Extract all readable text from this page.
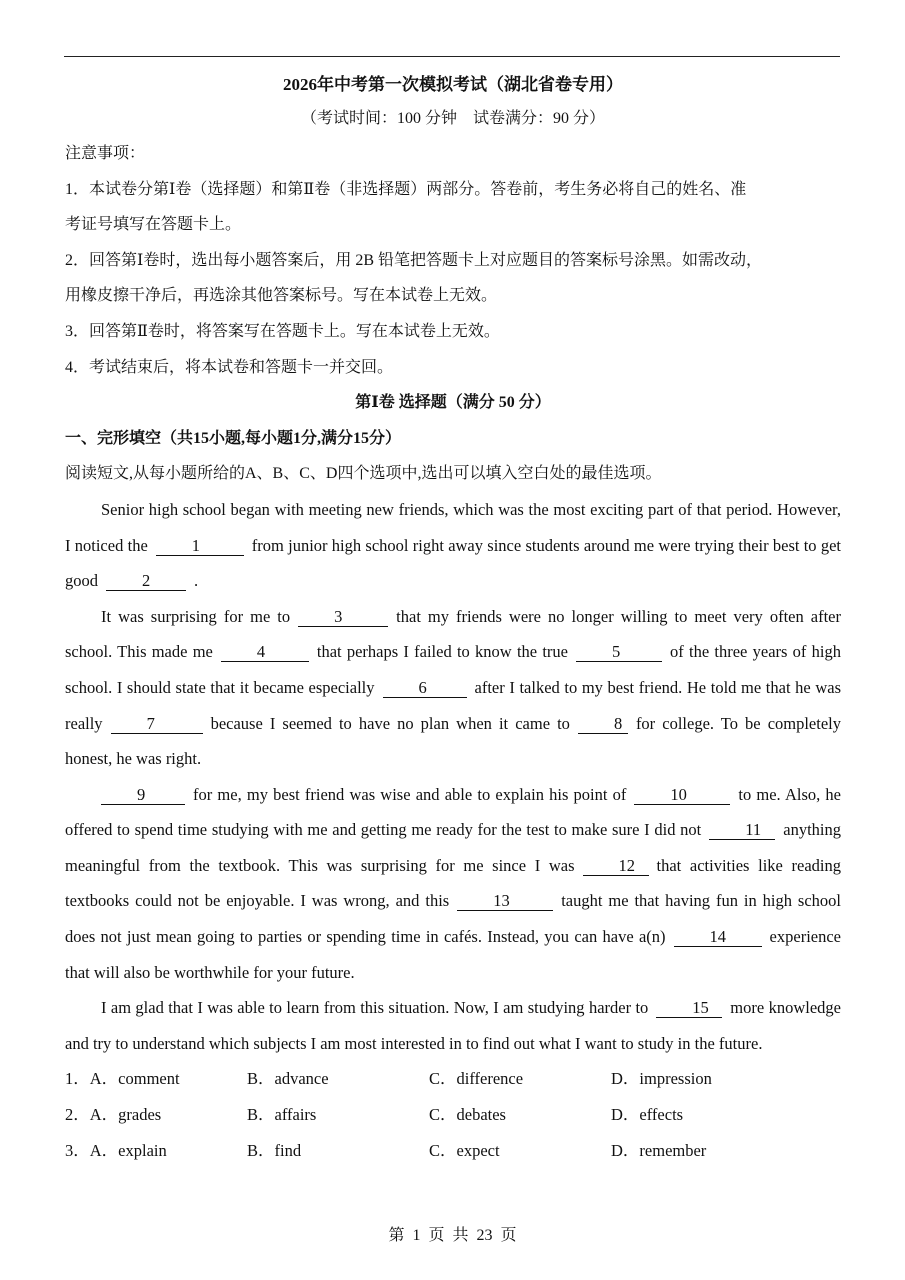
2026年中考第一次模拟考试（湖北省卷专用）
（考试时间：100 分钟　试卷满分：90 分）
注意事项：
1．本试卷分第Ⅰ卷（选择题）和第Ⅱ卷（非选择题）两部分。答卷前，考生务必将自己的姓名、准
考证号填写在答题卡上。
2．回答第Ⅰ卷时，选出每小题答案后，用 2B 铅笔把答题卡上对应题目的答案标号涂黑。如需改动，
用橡皮擦干净后，再选涂其他答案标号。写在本试卷上无效。
3．回答第Ⅱ卷时，将答案写在答题卡上。写在本试卷上无效。
4．考试结束后，将本试卷和答题卡一并交回。
第Ⅰ卷 选择题（满分 50 分）
一、完形填空（共15小题,每小题1分,满分15分）
阅读短文,从每小题所给的A、B、C、D四个选项中,选出可以填入空白处的最佳选项。

Senior high school began with meeting new friends, which was the most exciting part of that period. However, I noticed the	1	from junior high school right away since students around me were trying their best to get good	2	.

It was surprising for me to	3	that my friends were no longer willing to meet very often after school. This made me	4	that perhaps I failed to know the true	5	of the three years of high school. I should state that it became especially	6	after I talked to my best friend. He told me that he was really	7	because I seemed to have no plan when it came to	8 for college. To be completely honest, he was right.

9	for me, my best friend was wise and able to explain his point of	10	to me. Also, he offered to spend time studying with me and getting me ready for the test to make sure I did not	11 anything meaningful from the textbook. This was surprising for me since I was	12 that activities like reading textbooks could not be enjoyable. I was wrong, and this	13	taught me that having fun in high school does not just mean going to parties or spending time in cafés. Instead, you can have a(n)	14	experience that will also be worthwhile for your future.

I am glad that I was able to learn from this situation. Now, I am studying harder to	15 more knowledge and try to understand which subjects I am most interested in to find out what I want to study in the future.

1．A．comment	B．advance	C．difference	D．impression
2．A．grades	B．affairs	C．debates	D．effects
3．A．explain	B．find	C．expect	D．remember
第 1 页 共 23 页
